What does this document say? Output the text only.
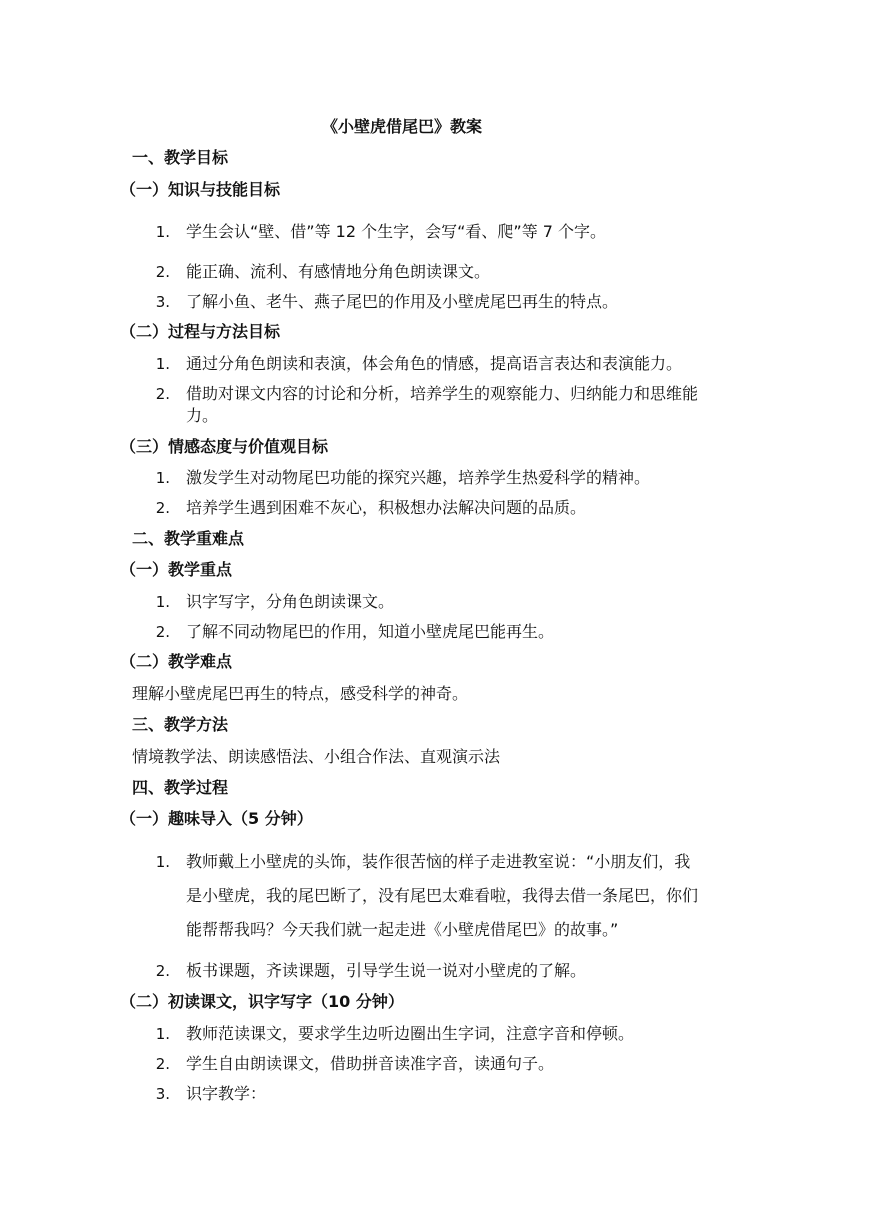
《小壁虎借尾巴》教案
一、教学目标
（一）知识与技能目标
1. 学生会认“壁、借”等 12 个生字，会写“看、爬”等 7 个字。
2. 能正确、流利、有感情地分角色朗读课文。
3. 了解小鱼、老牛、燕子尾巴的作用及小壁虎尾巴再生的特点。
（二）过程与方法目标
1. 通过分角色朗读和表演，体会角色的情感，提高语言表达和表演能力。
2. 借助对课文内容的讨论和分析，培养学生的观察能力、归纳能力和思维能
力。
（三）情感态度与价值观目标
1. 激发学生对动物尾巴功能的探究兴趣，培养学生热爱科学的精神。
2. 培养学生遇到困难不灰心，积极想办法解决问题的品质。
二、教学重难点
（一）教学重点
1. 识字写字，分角色朗读课文。
2. 了解不同动物尾巴的作用，知道小壁虎尾巴能再生。
（二）教学难点
理解小壁虎尾巴再生的特点，感受科学的神奇。
三、教学方法
情境教学法、朗读感悟法、小组合作法、直观演示法
四、教学过程
（一）趣味导入（5 分钟）
1. 教师戴上小壁虎的头饰，装作很苦恼的样子走进教室说：“小朋友们，我
是小壁虎，我的尾巴断了，没有尾巴太难看啦，我得去借一条尾巴，你们
能帮帮我吗？今天我们就一起走进《小壁虎借尾巴》的故事。”
2. 板书课题，齐读课题，引导学生说一说对小壁虎的了解。
（二）初读课文，识字写字（10 分钟）
1. 教师范读课文，要求学生边听边圈出生字词，注意字音和停顿。
2. 学生自由朗读课文，借助拼音读准字音，读通句子。
3. 识字教学：
